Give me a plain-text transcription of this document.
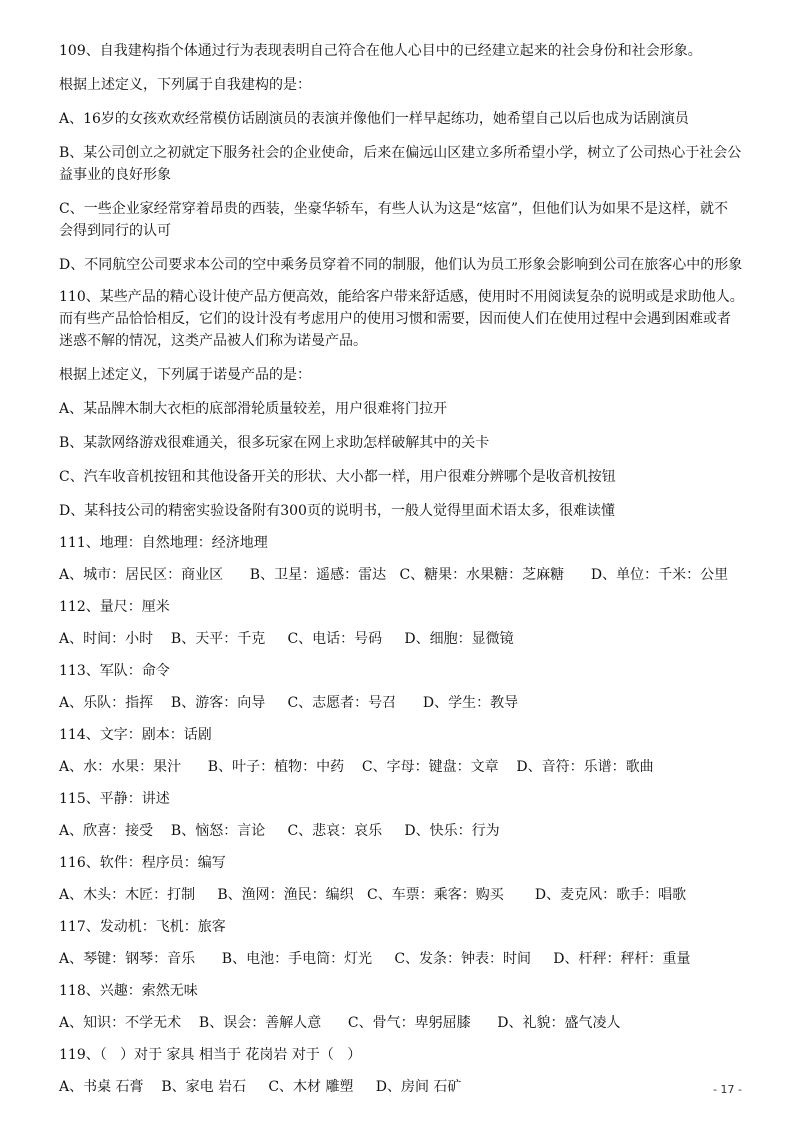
109、自我建构指个体通过行为表现表明自己符合在他人心目中的已经建立起来的社会身份和社会形象。

根据上述定义，下列属于自我建构的是：

A、16岁的女孩欢欢经常模仿话剧演员的表演并像他们一样早起练功，她希望自己以后也成为话剧演员

B、某公司创立之初就定下服务社会的企业使命，后来在偏远山区建立多所希望小学，树立了公司热心于社会公

益事业的良好形象

C、一些企业家经常穿着昂贵的西装，坐豪华轿车，有些人认为这是“炫富”，但他们认为如果不是这样，就不

会得到同行的认可

D、不同航空公司要求本公司的空中乘务员穿着不同的制服，他们认为员工形象会影响到公司在旅客心中的形象

110、某些产品的精心设计使产品方便高效，能给客户带来舒适感，使用时不用阅读复杂的说明或是求助他人。

而有些产品恰恰相反，它们的设计没有考虑用户的使用习惯和需要，因而使人们在使用过程中会遇到困难或者

迷惑不解的情况，这类产品被人们称为诺曼产品。

根据上述定义，下列属于诺曼产品的是：

A、某品牌木制大衣柜的底部滑轮质量较差，用户很难将门拉开

B、某款网络游戏很难通关，很多玩家在网上求助怎样破解其中的关卡

C、汽车收音机按钮和其他设备开关的形状、大小都一样，用户很难分辨哪个是收音机按钮

D、某科技公司的精密实验设备附有300页的说明书，一般人觉得里面术语太多，很难读懂

111、地理：自然地理：经济地理

A、城市：居民区：商业区      B、卫星：遥感：雷达   C、糖果：水果糖：芝麻糖      D、单位：千米：公里

112、量尺：厘米

A、时间：小时    B、天平：千克     C、电话：号码     D、细胞：显微镜

113、军队：命令

A、乐队：指挥    B、游客：向导     C、志愿者：号召      D、学生：教导

114、文字：剧本：话剧

A、水：水果：果汁      B、叶子：植物：中药    C、字母：键盘：文章    D、音符：乐谱：歌曲

115、平静：讲述

A、欣喜：接受    B、恼怒：言论     C、悲哀：哀乐     D、快乐：行为

116、软件：程序员：编写

A、木头：木匠：打制     B、渔网：渔民：编织   C、车票：乘客：购买       D、麦克风：歌手：唱歌

117、发动机：飞机：旅客

A、琴键：钢琴：音乐      B、电池：手电筒：灯光     C、发条：钟表：时间     D、杆秤：秤杆：重量

118、兴趣：索然无味

A、知识：不学无术    B、误会：善解人意      C、骨气：卑躬屈膝      D、礼貌：盛气凌人

119、（   ）对于 家具 相当于 花岗岩 对于（   ）

A、书桌 石膏    B、家电 岩石     C、木材 雕塑     D、房间 石矿	- 17 -
